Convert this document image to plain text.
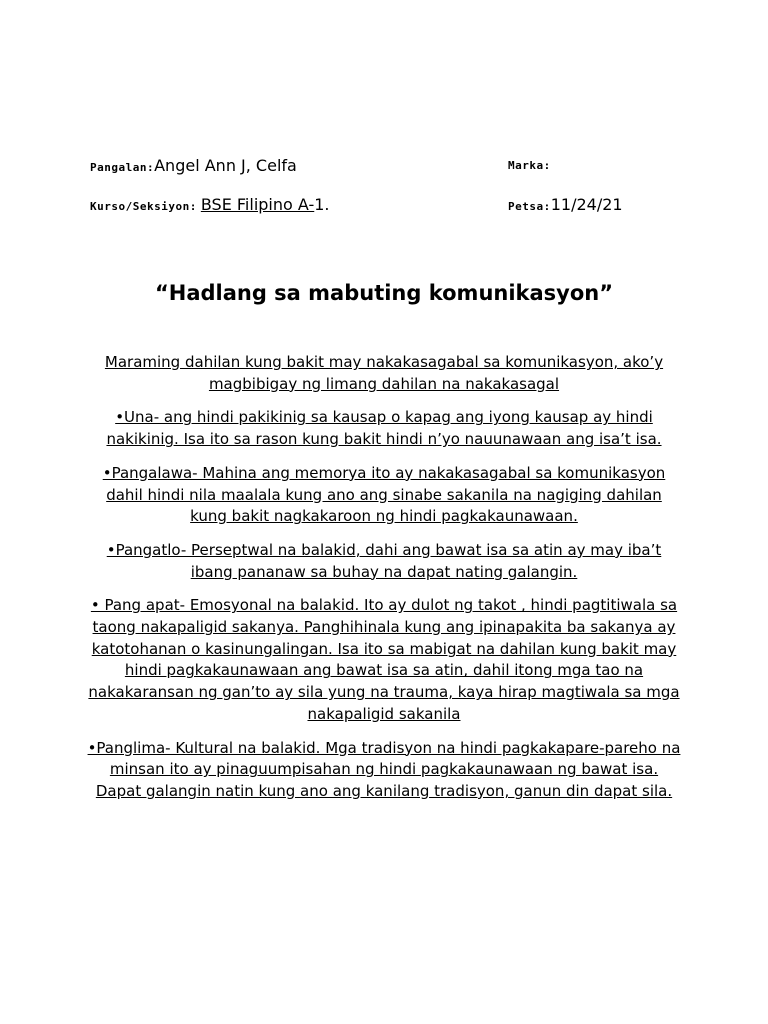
Pangalan:Angel Ann J, Celfa	Marka:
Kurso/Seksiyon: BSE Filipino A-1.	Petsa:11/24/21
“Hadlang sa mabuting komunikasyon”

Maraming dahilan kung bakit may nakakasagabal sa komunikasyon, ako’y magbibigay ng limang dahilan na nakakasagal

•Una- ang hindi pakikinig sa kausap o kapag ang iyong kausap ay hindi nakikinig. Isa ito sa rason kung bakit hindi n’yo nauunawaan ang isa’t isa.

•Pangalawa- Mahina ang memorya ito ay nakakasagabal sa komunikasyon dahil hindi nila maalala kung ano ang sinabe sakanila na nagiging dahilan kung bakit nagkakaroon ng hindi pagkakaunawaan.

•Pangatlo- Perseptwal na balakid, dahi ang bawat isa sa atin ay may iba’t ibang pananaw sa buhay na dapat nating galangin.

• Pang apat- Emosyonal na balakid. Ito ay dulot ng takot , hindi pagtitiwala sa taong nakapaligid sakanya. Panghihinala kung ang ipinapakita ba sakanya ay katotohanan o kasinungalingan. Isa ito sa mabigat na dahilan kung bakit may hindi pagkakaunawaan ang bawat isa sa atin, dahil itong mga tao na nakakaransan ng gan’to ay sila yung na trauma, kaya hirap magtiwala sa mga nakapaligid sakanila

•Panglima- Kultural na balakid. Mga tradisyon na hindi pagkakapare-pareho na minsan ito ay pinaguumpisahan ng hindi pagkakaunawaan ng bawat isa. Dapat galangin natin kung ano ang kanilang tradisyon, ganun din dapat sila.
